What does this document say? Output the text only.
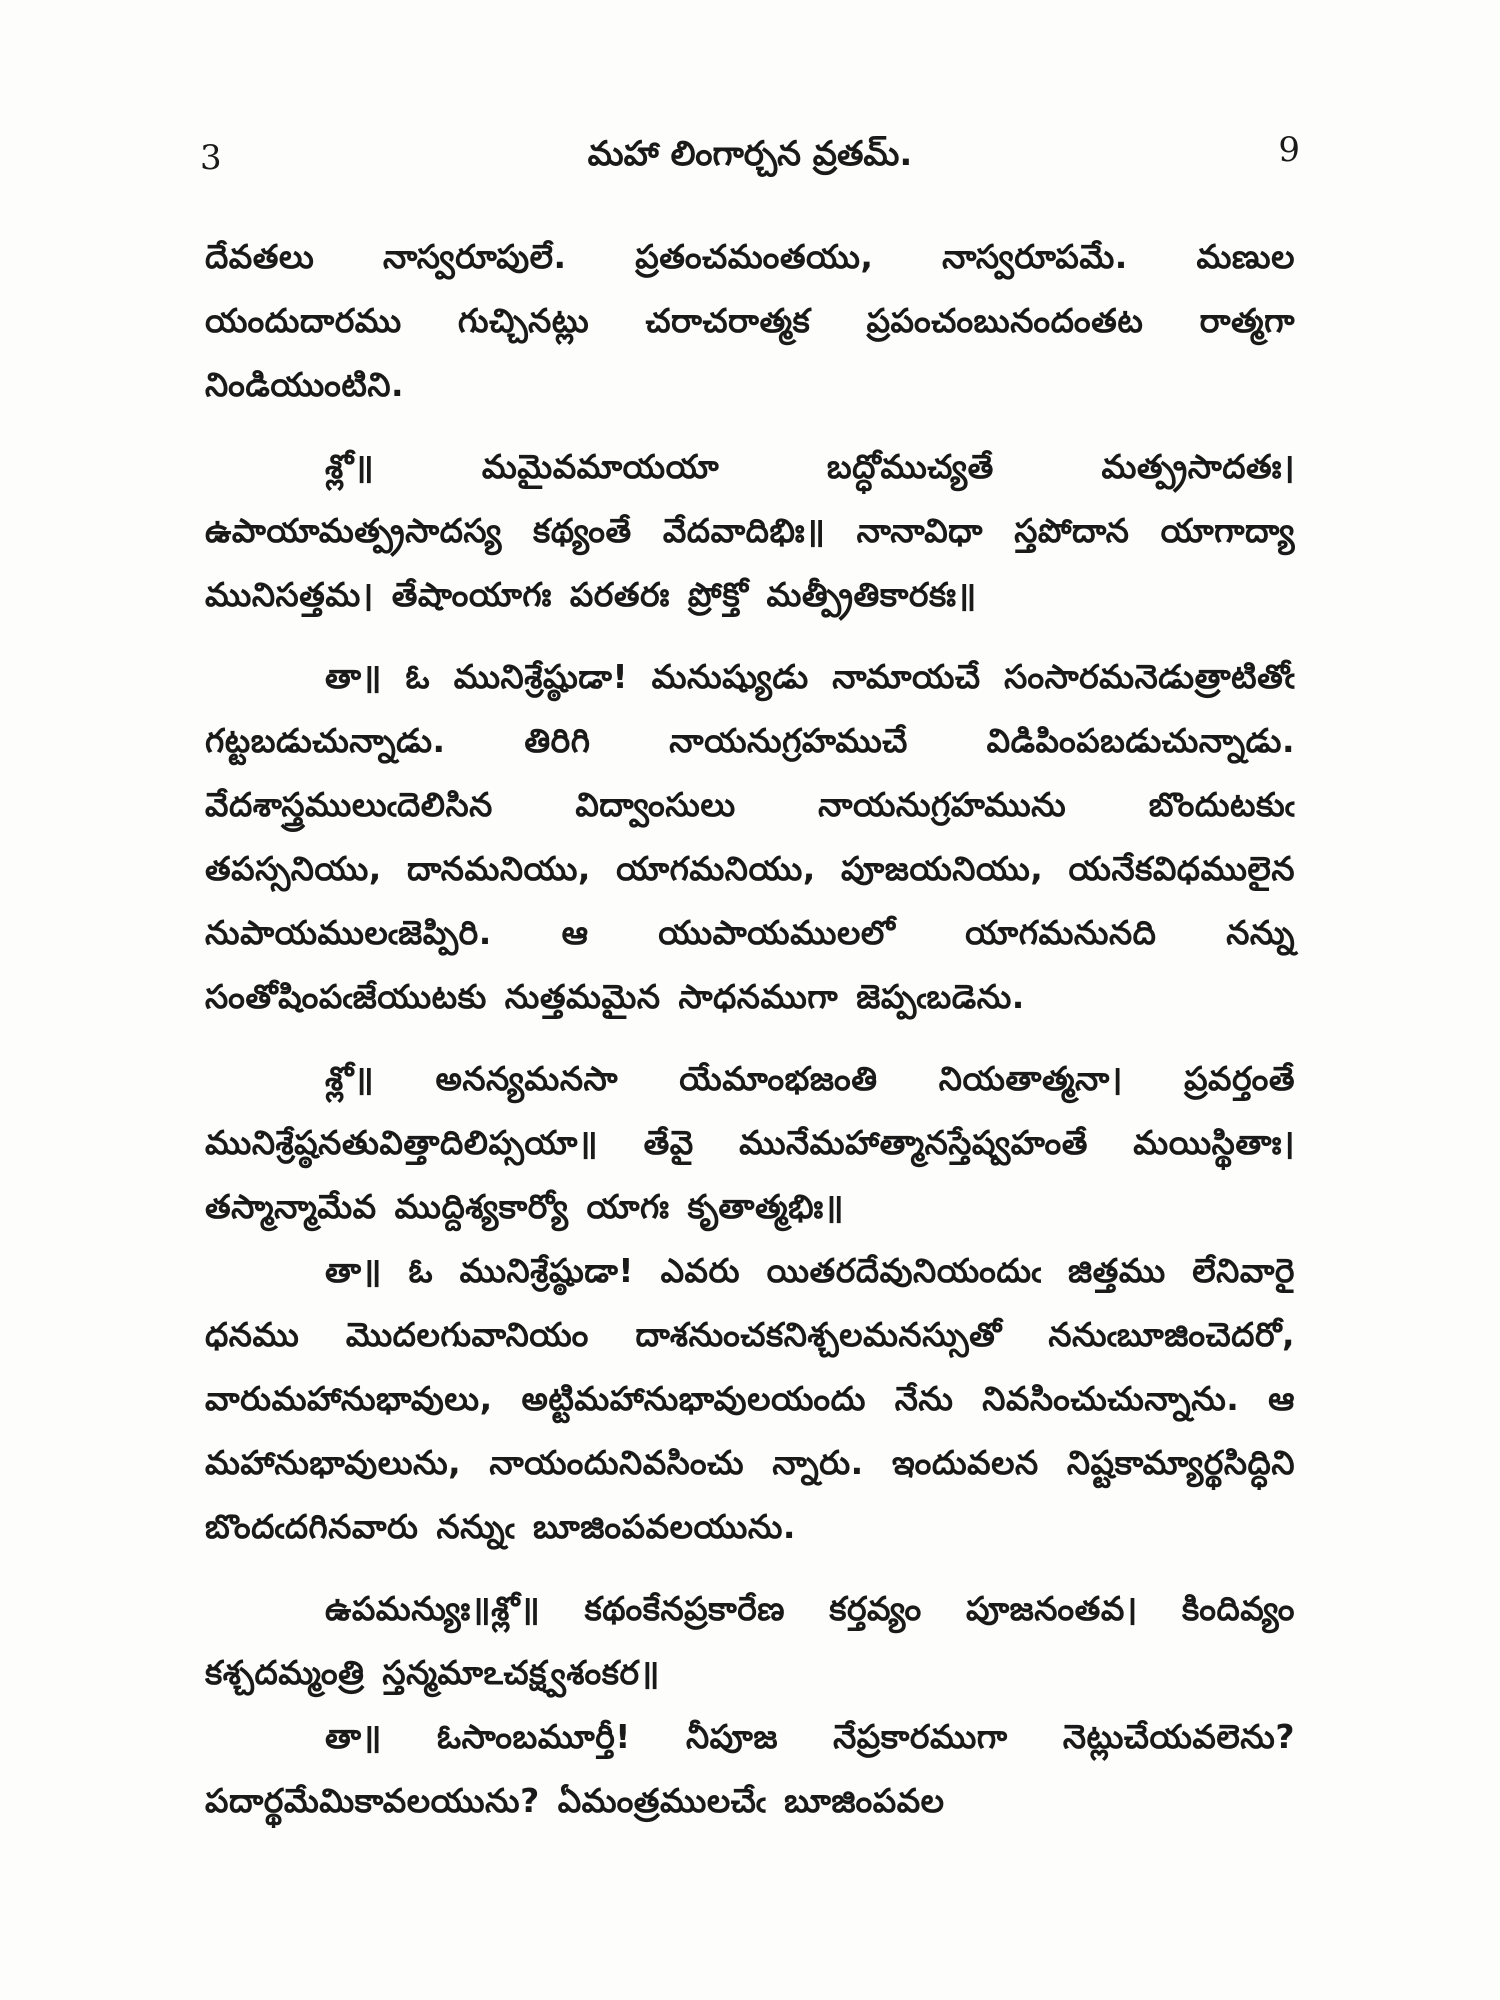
3	మహా లింగార్చన వ్రతమ్.	9

దేవతలు నాస్వరూపులే. ప్రతంచమంతయు, నాస్వరూపమే. మణుల యందుదారము గుచ్చినట్లు చరాచరాత్మక ప్రపంచంబునందంతట రాత్మగా నిండియుంటిని.

శ్లో॥ మమైవమాయయా బద్ధోముచ్యతే మత్ప్రసాదతః। ఉపాయామత్ప్రసాదస్య కథ్యంతే వేదవాదిభిః॥ నానావిధా స్తపోదాన యాగాద్యా మునిసత్తమ। తేషాంయాగః పరతరః ప్రోక్తో మత్ప్రీతికారకః॥

తా॥ ఓ మునిశ్రేష్ఠుడా! మనుష్యుడు నామాయచే సంసారమనెడుత్రాటితోఁ గట్టబడుచున్నాడు. తిరిగి నాయనుగ్రహముచే విడిపింపబడుచున్నాడు. వేదశాస్త్రములుఁదెలిసిన విద్వాంసులు నాయనుగ్రహమును బొందుటకుఁ తపస్సనియు, దానమనియు, యాగమనియు, పూజయనియు, యనేకవిధములైన నుపాయములఁజెప్పిరి. ఆ యుపాయములలో యాగమనునది నన్ను సంతోషింపఁజేయుటకు నుత్తమమైన సాధనముగా జెప్పఁబడెను.

శ్లో॥ అనన్యమనసా యేమాంభజంతి నియతాత్మనా। ప్రవర్తంతే మునిశ్రేష్ఠనతువిత్తాదిలిప్సయా॥ తేవై మునేమహాత్మానస్తేష్వహంతే మయిస్థితాః। తస్మాన్మామేవ ముద్దిశ్యకార్యో యాగః కృతాత్మభిః॥

తా॥ ఓ మునిశ్రేష్ఠుడా! ఎవరు యితరదేవునియందుఁ జిత్తము లేనివారై ధనము మొదలగువానియం దాశనుంచకనిశ్చలమనస్సుతో ననుఁబూజించెదరో, వారుమహానుభావులు, అట్టిమహానుభావులయందు నేను నివసించుచున్నాను. ఆ మహానుభావులును, నాయందునివసించు న్నారు. ఇందువలన నిష్టకామ్యార్థసిద్ధిని బొందఁదగినవారు నన్నుఁ బూజింపవలయును.

ఉపమన్యుః॥శ్లో॥ కథంకేనప్రకారేణ కర్తవ్యం పూజనంతవ। కిందివ్యం కశ్చదమ్మంత్రి స్తన్మమాఽచక్ష్వశంకర॥

తా॥ ఓసాంబమూర్తీ! నీపూజ నేప్రకారముగా నెట్లుచేయవలెను? పదార్థమేమికావలయును? ఏమంత్రములచేఁ బూజింపవల
